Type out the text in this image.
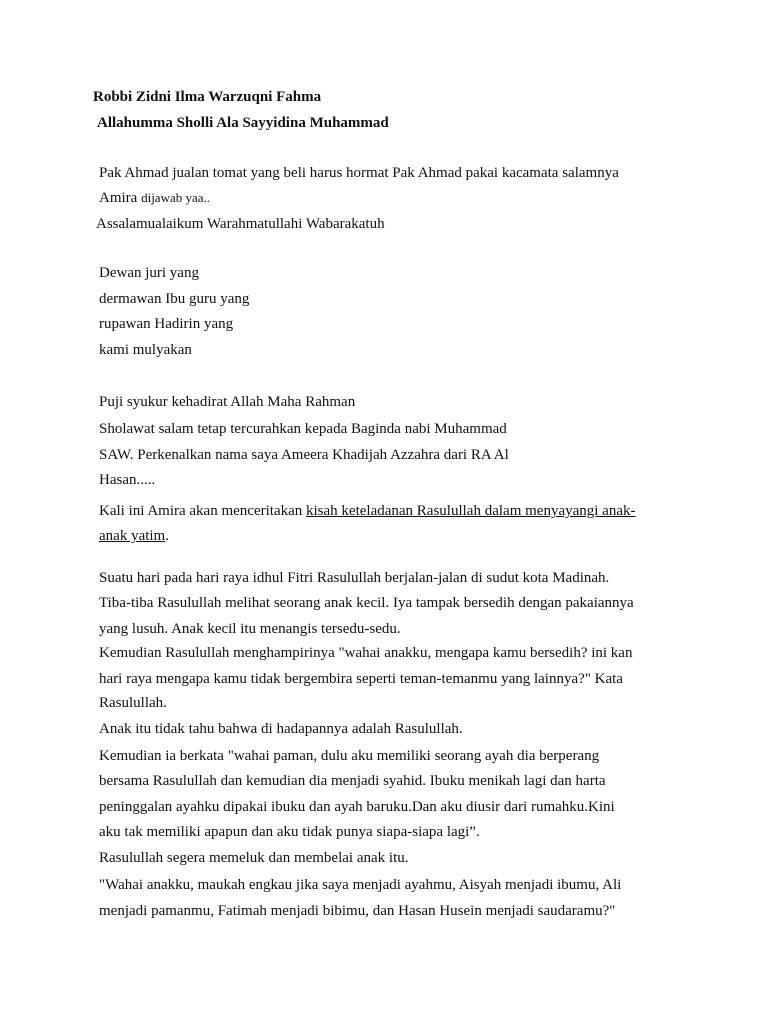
Robbi Zidni Ilma Warzuqni Fahma
Allahumma Sholli Ala Sayyidina Muhammad
Pak Ahmad jualan tomat yang beli harus hormat Pak Ahmad pakai kacamata salamnya
Amira dijawab yaa..
Assalamualaikum Warahmatullahi Wabarakatuh
Dewan juri yang
dermawan Ibu guru yang
rupawan Hadirin yang
kami mulyakan
Puji syukur kehadirat Allah Maha Rahman
Sholawat salam tetap tercurahkan kepada Baginda nabi Muhammad
SAW. Perkenalkan nama saya Ameera Khadijah Azzahra dari RA Al
Hasan.....
Kali ini Amira akan menceritakan kisah keteladanan Rasulullah dalam menyayangi anak-
anak yatim.
Suatu hari pada hari raya idhul Fitri Rasulullah berjalan-jalan di sudut kota Madinah.
Tiba-tiba Rasulullah melihat seorang anak kecil. Iya tampak bersedih dengan pakaiannya
yang lusuh. Anak kecil itu menangis tersedu-sedu.
Kemudian Rasulullah menghampirinya "wahai anakku, mengapa kamu bersedih? ini kan
hari raya mengapa kamu tidak bergembira seperti teman-temanmu yang lainnya?" Kata
Rasulullah.
Anak itu tidak tahu bahwa di hadapannya adalah Rasulullah.
Kemudian ia berkata "wahai paman, dulu aku memiliki seorang ayah dia berperang
bersama Rasulullah dan kemudian dia menjadi syahid. Ibuku menikah lagi dan harta
peninggalan ayahku dipakai ibuku dan ayah baruku.Dan aku diusir dari rumahku.Kini
aku tak memiliki apapun dan aku tidak punya siapa-siapa lagi”.
Rasulullah segera memeluk dan membelai anak itu.
"Wahai anakku, maukah engkau jika saya menjadi ayahmu, Aisyah menjadi ibumu, Ali
menjadi pamanmu, Fatimah menjadi bibimu, dan Hasan Husein menjadi saudaramu?"
